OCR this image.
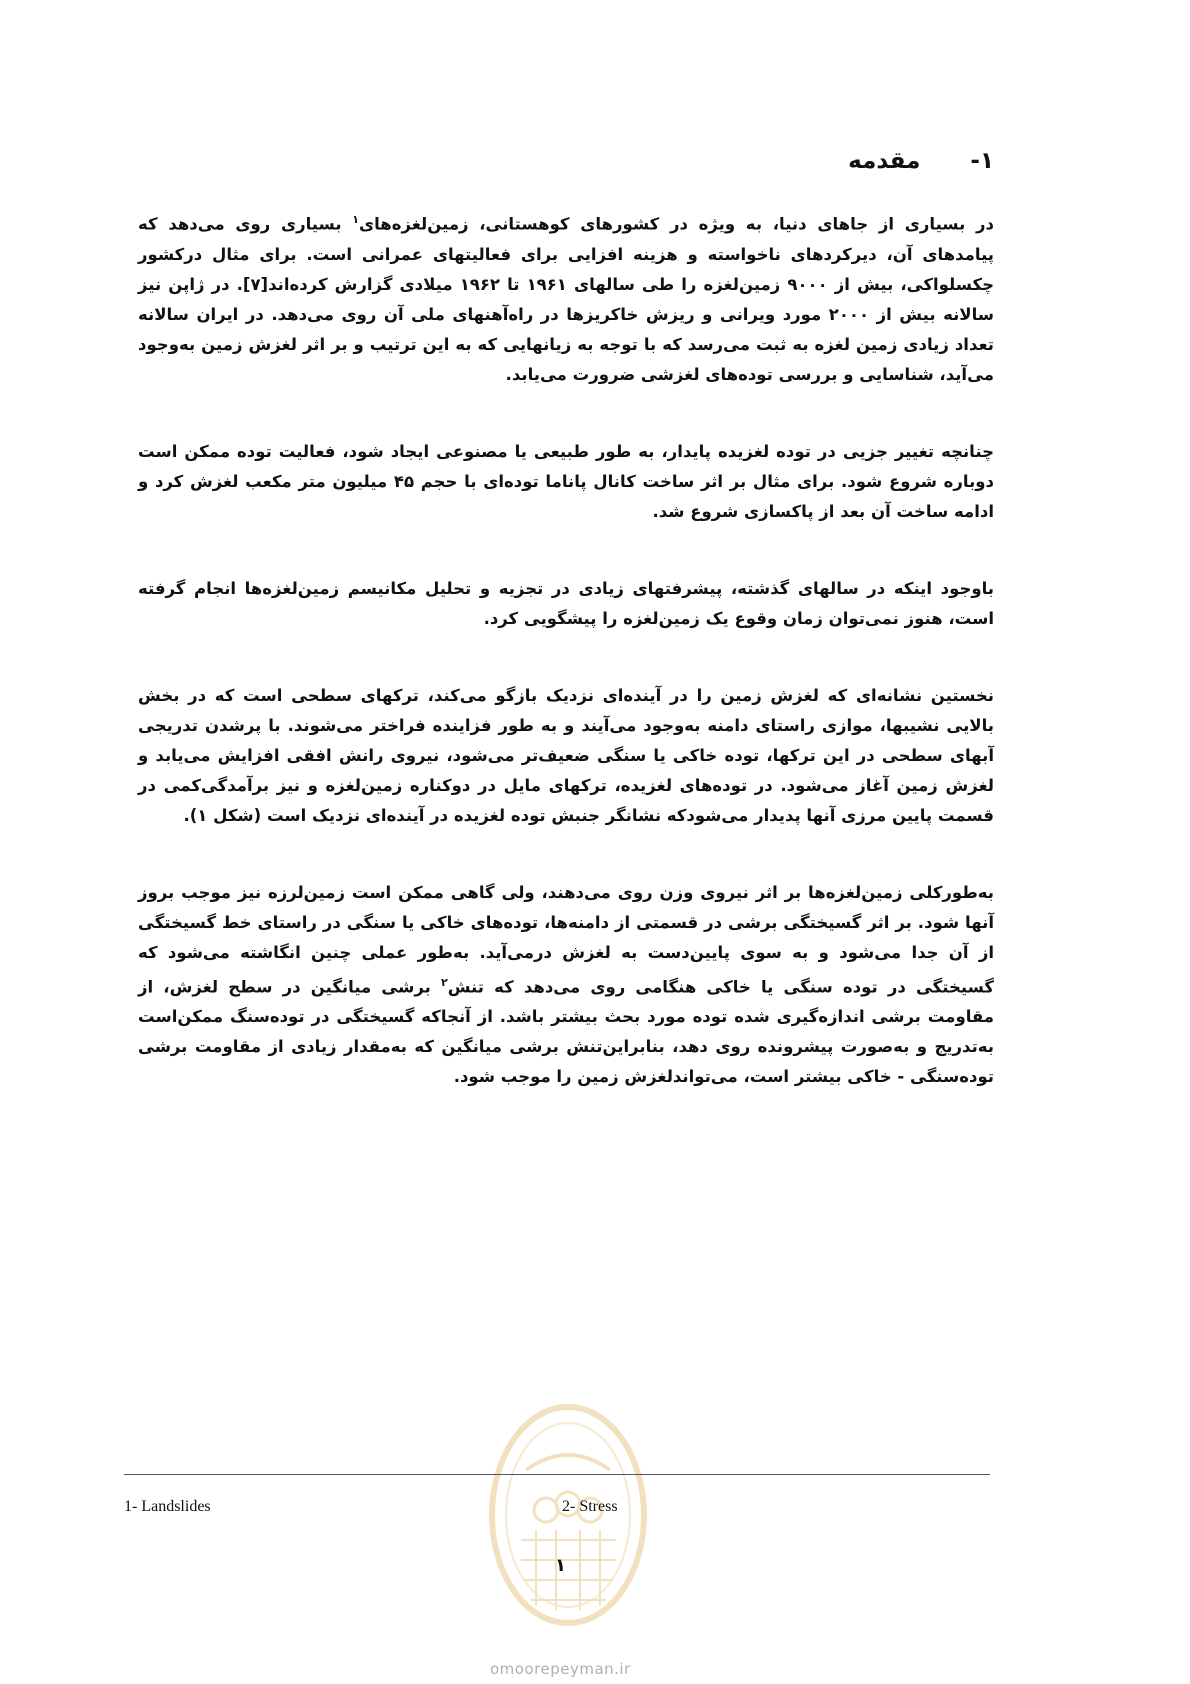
۱-
مقدمه

در بسیاری از جاهای دنیا، به ویژه در کشورهای کوهستانی، زمین‌لغزه‌های$^۱$ بسیاری روی می‌دهد که پیامدهای آن، دیرکردهای ناخواسته و هزینه افزایی برای فعالیتهای عمرانی است. برای مثال درکشور چکسلواکی، بیش از ۹۰۰۰ زمین‌لغزه را طی سالهای ۱۹۶۱ تا ۱۹۶۲ میلادی گزارش کرده‌اند[۷]. در ژاپن نیز سالانه بیش از ۲۰۰۰ مورد ویرانی و ریزش خاکریزها در راه‌آهنهای ملی آن روی می‌دهد. در ایران سالانه تعداد زیادی زمین لغزه به ثبت می‌رسد که با توجه به زیانهایی که به این ترتیب و بر اثر لغزش زمین به‌وجود می‌آید، شناسایی و بررسی توده‌های لغزشی ضرورت می‌یابد.

چنانچه تغییر جزیی در توده لغزیده پایدار، به طور طبیعی یا مصنوعی ایجاد شود، فعالیت توده ممکن است دوباره شروع شود. برای مثال بر اثر ساخت کانال پاناما توده‌ای با حجم ۴۵ میلیون متر مکعب لغزش کرد و ادامه ساخت آن بعد از پاکسازی شروع شد.

باوجود اینکه در سالهای گذشته، پیشرفتهای زیادی در تجزیه و تحلیل مکانیسم زمین‌لغزه‌ها انجام گرفته است، هنوز نمی‌توان زمان وقوع یک زمین‌لغزه را پیشگویی کرد.

نخستین نشانه‌ای که لغزش زمین را در آینده‌ای نزدیک بازگو می‌کند، ترکهای سطحی است که در بخش بالایی نشیبها، موازی راستای دامنه به‌وجود می‌آیند و به طور فزاینده فراختر می‌شوند. با پرشدن تدریجی آبهای سطحی در این ترکها، توده خاکی یا سنگی ضعیف‌تر می‌شود، نیروی رانش افقی افزایش می‌یابد و لغزش زمین آغاز می‌شود. در توده‌های لغزیده، ترکهای مایل در دوکناره زمین‌لغزه و نیز برآمدگی‌کمی در قسمت پایین مرزی آنها پدیدار می‌شودکه نشانگر جنبش توده لغزیده در آینده‌ای نزدیک است (شکل ۱).

به‌طورکلی زمین‌لغزه‌ها بر اثر نیروی وزن روی می‌دهند، ولی گاهی ممکن است زمین‌لرزه نیز موجب بروز آنها شود. بر اثر گسیختگی برشی در قسمتی از دامنه‌ها، توده‌های خاکی یا سنگی در راستای خط گسیختگی از آن جدا می‌شود و به سوی پایین‌دست به لغزش درمی‌آید. به‌طور عملی چنین انگاشته می‌شود که گسیختگی در توده سنگی یا خاکی هنگامی روی می‌دهد که تنش$^۲$ برشی میانگین در سطح لغزش، از مقاومت برشی اندازه‌گیری شده توده مورد بحث بیشتر باشد. از آنجاکه گسیختگی در توده‌سنگ ممکن‌است به‌تدریج و به‌صورت پیشرونده روی دهد، بنابراین‌تنش برشی میانگین که به‌مقدار زیادی از مقاومت برشی توده‌سنگی - خاکی بیشتر است، می‌تواندلغزش زمین را موجب شود.

1- Landslides	2- Stress
۱
omoorepeyman.ir
